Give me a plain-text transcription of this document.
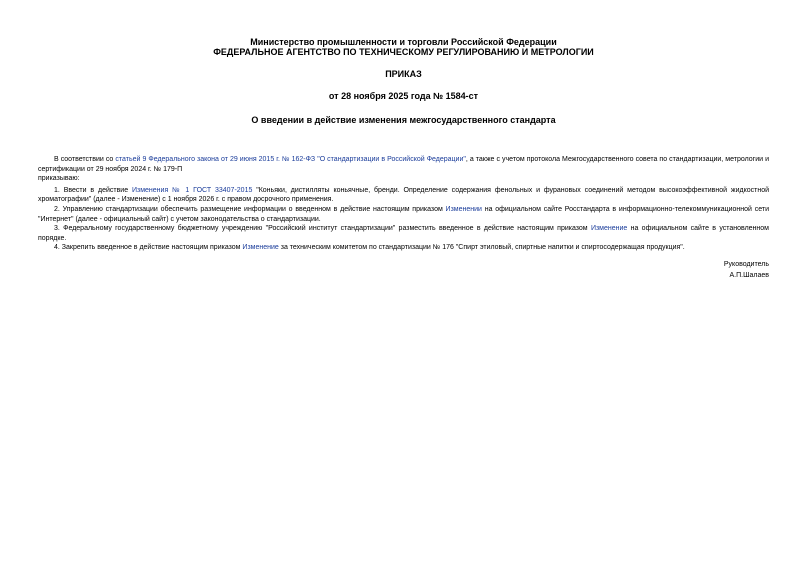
Министерство промышленности и торговли Российской Федерации
ФЕДЕРАЛЬНОЕ АГЕНТСТВО ПО ТЕХНИЧЕСКОМУ РЕГУЛИРОВАНИЮ И МЕТРОЛОГИИ
ПРИКАЗ
от 28 ноября 2025 года № 1584-ст
О введении в действие изменения межгосударственного стандарта

В соответствии со статьей 9 Федерального закона от 29 июня 2015 г. № 162-ФЗ "О стандартизации в Российской Федерации", а также с учетом протокола Межгосударственного совета по стандартизации, метрологии и сертификации от 29 ноября 2024 г. № 179-П

приказываю:

1. Ввести в действие Изменения № 1 ГОСТ 33407-2015 "Коньяки, дистилляты коньячные, бренди. Определение содержания фенольных и фурановых соединений методом высокоэффективной жидкостной хроматографии" (далее - Изменение) с 1 ноября 2026 г. с правом досрочного применения.

2. Управлению стандартизации обеспечить размещение информации о введенном в действие настоящим приказом Изменении на официальном сайте Росстандарта в информационно-телекоммуникационной сети "Интернет" (далее - официальный сайт) с учетом законодательства о стандартизации.

3. Федеральному государственному бюджетному учреждению "Российский институт стандартизации" разместить введенное в действие настоящим приказом Изменение на официальном сайте в установленном порядке.

4. Закрепить введенное в действие настоящим приказом Изменение за техническим комитетом по стандартизации № 176 "Спирт этиловый, спиртные напитки и спиртосодержащая продукция".

Руководитель
А.П.Шалаев
